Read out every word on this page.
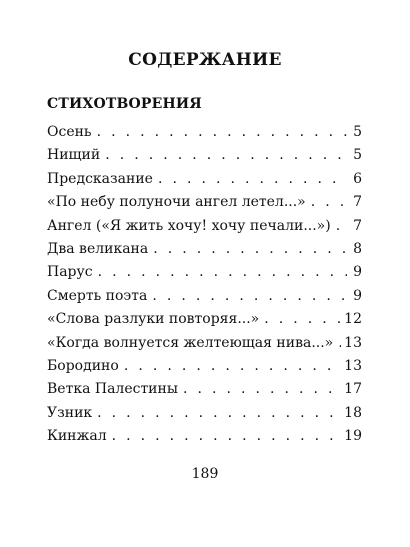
СОДЕРЖАНИЕ
СТИХОТВОРЕНИЯ
Осень . . .	5
Нищий . . .	5
Предсказание . . .	6
«По небу полуночи ангел летел...» . . .	7
Ангел («Я жить хочу! хочу печали...») . . . 7
Два великана . . .	8
Парус . . .	9
Смерть поэта . . .	9
«Слова разлуки повторяя...» . . .	12
«Когда волнуется желтеющая нива...» . . . 13
Бородино . . .	13
Ветка Палестины . . .	17
Узник . . .	18
Кинжал . . .	19
189
